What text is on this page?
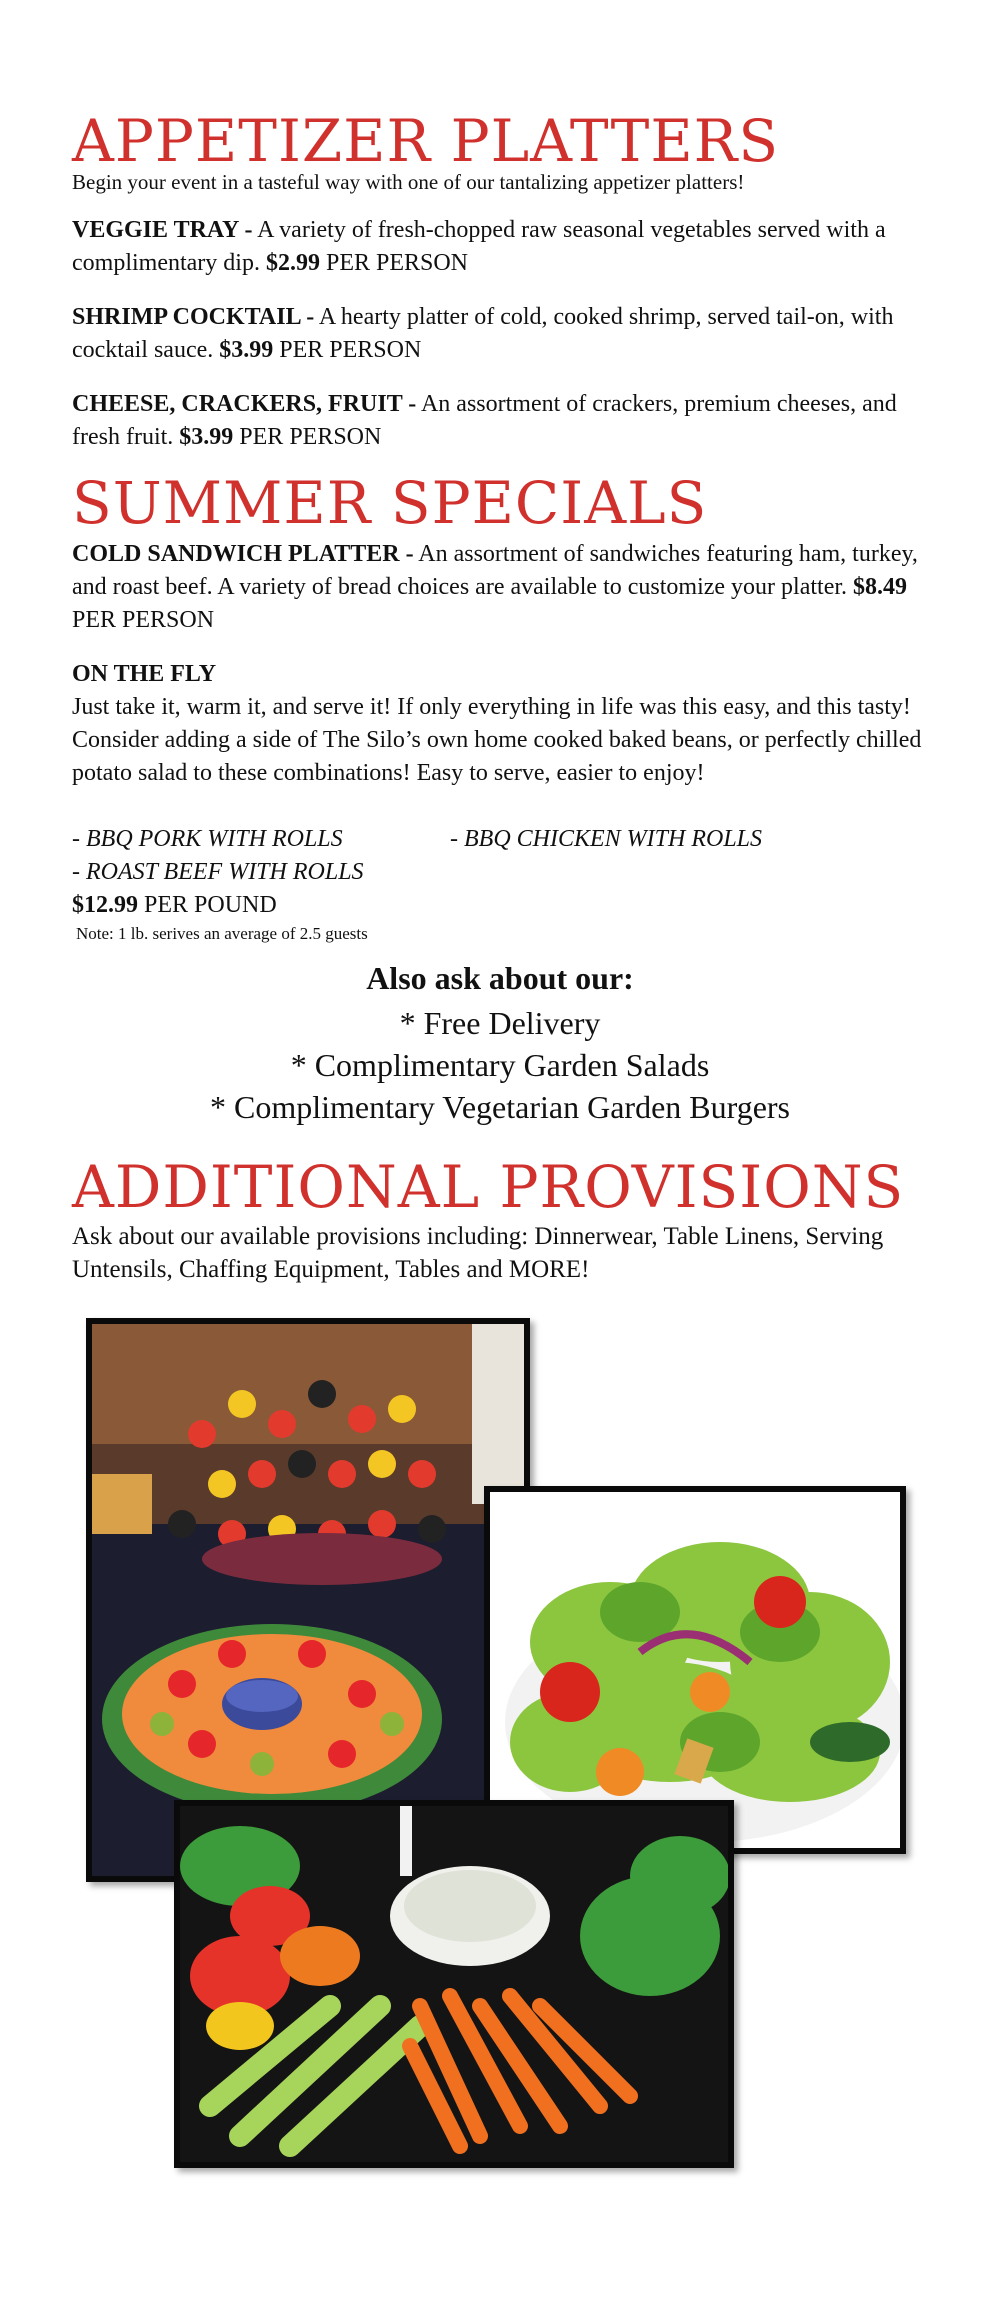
APPETIZER PLATTERS

Begin your event in a tasteful way with one of our tantalizing appetizer platters!

VEGGIE TRAY - A variety of fresh-chopped raw seasonal vegetables served with a complimentary dip. $2.99 PER PERSON

SHRIMP COCKTAIL - A hearty platter of cold, cooked shrimp, served tail-on, with cocktail sauce. $3.99 PER PERSON

CHEESE, CRACKERS, FRUIT - An assortment of crackers, premium cheeses, and fresh fruit. $3.99 PER PERSON

SUMMER SPECIALS

COLD SANDWICH PLATTER - An assortment of sandwiches featuring ham, turkey, and roast beef. A variety of bread choices are available to customize your platter. $8.49 PER PERSON

ON THE FLY

Just take it, warm it, and serve it! If only everything in life was this easy, and this tasty! Consider adding a side of The Silo’s own home cooked baked beans, or perfectly chilled potato salad to these combinations! Easy to serve, easier to enjoy!

- BBQ PORK WITH ROLLS	- BBQ CHICKEN WITH ROLLS

- ROAST BEEF WITH ROLLS

$12.99 PER POUND

Note: 1 lb. serives an average of 2.5 guests

Also ask about our:

* Free Delivery

* Complimentary Garden Salads

* Complimentary Vegetarian Garden Burgers

ADDITIONAL PROVISIONS

Ask about our available provisions including: Dinnerwear, Table Linens, Serving Untensils, Chaffing Equipment, Tables and MORE!
